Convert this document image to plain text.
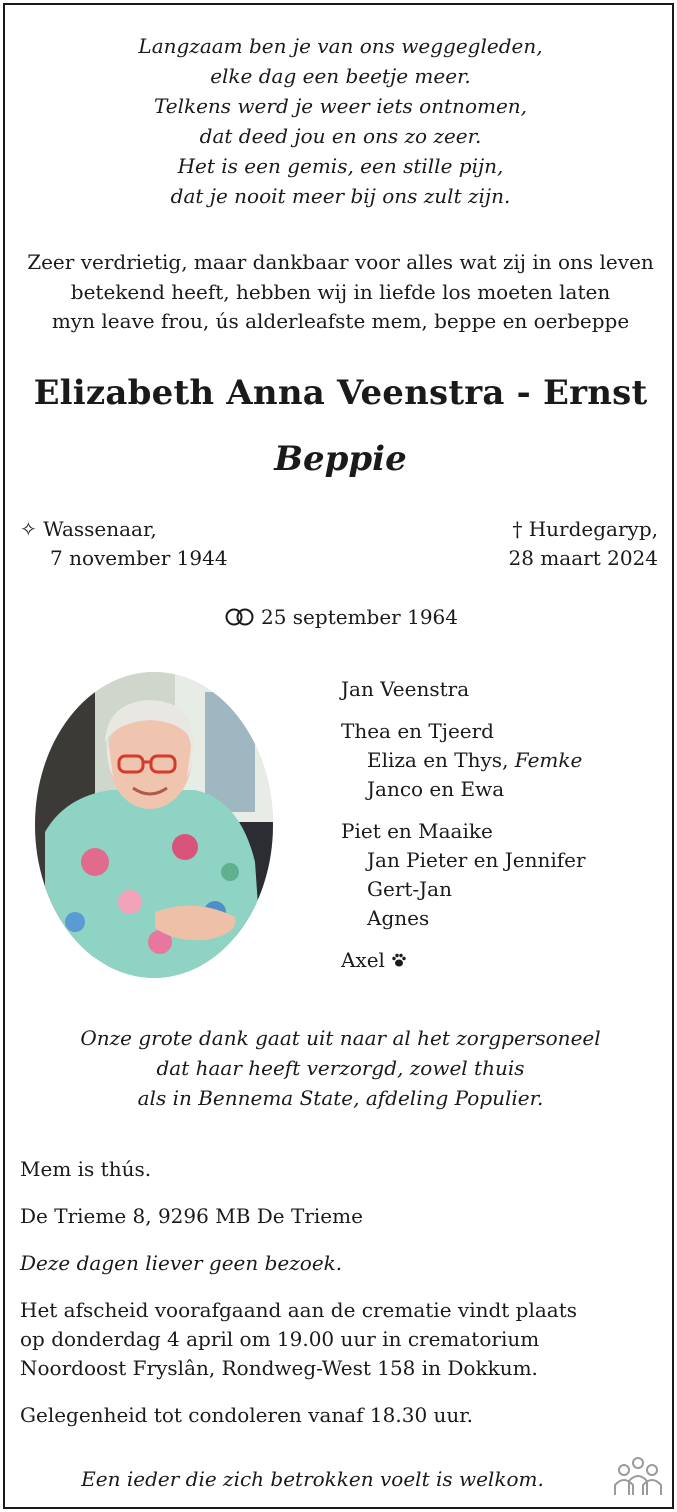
Langzaam ben je van ons weggegleden,
elke dag een beetje meer.
Telkens werd je weer iets ontnomen,
dat deed jou en ons zo zeer.
Het is een gemis, een stille pijn,
dat je nooit meer bij ons zult zijn.
Zeer verdrietig, maar dankbaar voor alles wat zij in ons leven
betekend heeft, hebben wij in liefde los moeten laten
myn leave frou, ús alderleafste mem, beppe en oerbeppe
Elizabeth Anna Veenstra - Ernst
Beppie
✧ Wassenaar,
7 november 1944
† Hurdegaryp,
28 maart 2024
25 september 1964
Jan Veenstra
Thea en Tjeerd
Eliza en Thys, Femke
Janco en Ewa
Piet en Maaike
Jan Pieter en Jennifer
Gert-Jan
Agnes
Axel
Onze grote dank gaat uit naar al het zorgpersoneel
dat haar heeft verzorgd, zowel thuis
als in Bennema State, afdeling Populier.

Mem is thús.

De Trieme 8, 9296 MB De Trieme

Deze dagen liever geen bezoek.

Het afscheid voorafgaand aan de crematie vindt plaats
op donderdag 4 april om 19.00 uur in crematorium
Noordoost Fryslân, Rondweg-West 158 in Dokkum.

Gelegenheid tot condoleren vanaf 18.30 uur.

Een ieder die zich betrokken voelt is welkom.
